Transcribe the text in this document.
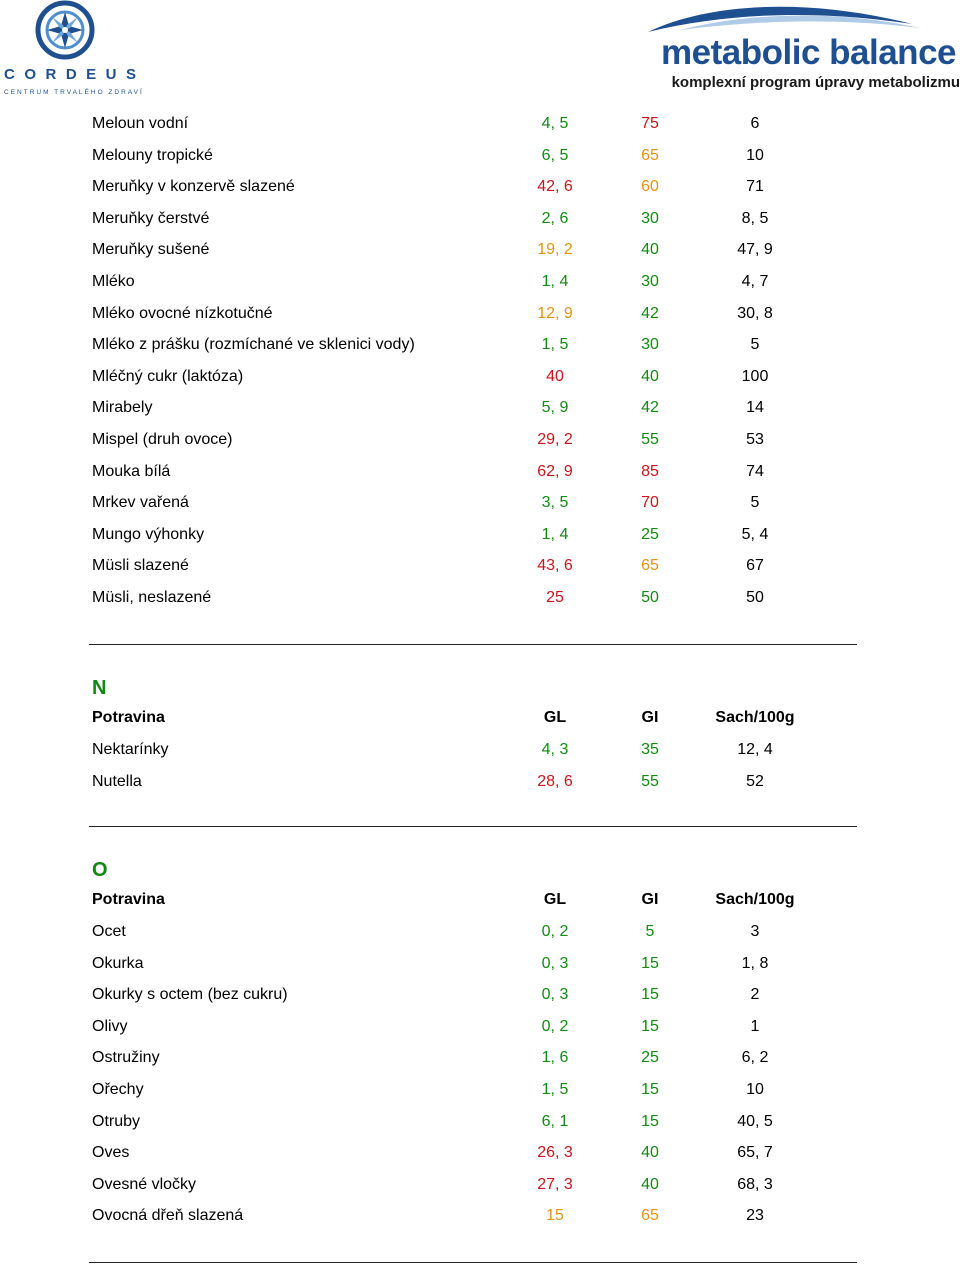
CORDEUS
CENTRUM TRVALÉHO ZDRAVÍ
metabolic balance
komplexní program úpravy metabolizmu
Meloun vodní	4, 5	75	6
Melouny tropické	6, 5	65	10
Meruňky v konzervě slazené	42, 6	60	71
Meruňky čerstvé	2, 6	30	8, 5
Meruňky sušené	19, 2	40	47, 9
Mléko	1, 4	30	4, 7
Mléko ovocné nízkotučné	12, 9	42	30, 8
Mléko z prášku (rozmíchané ve sklenici vody)	1, 5	30	5
Mléčný cukr (laktóza)	40	40	100
Mirabely	5, 9	42	14
Mispel (druh ovoce)	29, 2	55	53
Mouka bílá	62, 9	85	74
Mrkev vařená	3, 5	70	5
Mungo výhonky	1, 4	25	5, 4
Müsli slazené	43, 6	65	67
Müsli, neslazené	25	50	50
N
Potravina	GL	GI	Sach/100g
Nektarínky	4, 3	35	12, 4
Nutella	28, 6	55	52
O
Potravina	GL	GI	Sach/100g
Ocet	0, 2	5	3
Okurka	0, 3	15	1, 8
Okurky s octem (bez cukru)	0, 3	15	2
Olivy	0, 2	15	1
Ostružiny	1, 6	25	6, 2
Ořechy	1, 5	15	10
Otruby	6, 1	15	40, 5
Oves	26, 3	40	65, 7
Ovesné vločky	27, 3	40	68, 3
Ovocná dřeň slazená	15	65	23
